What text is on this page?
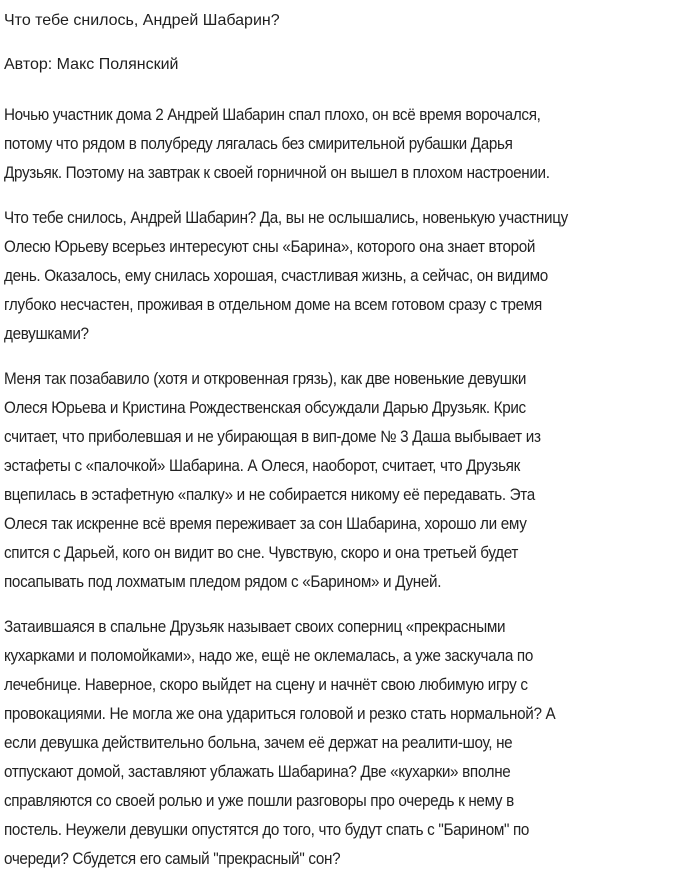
Что тебе снилось, Андрей Шабарин?
Автор: Макс Полянский

Ночью участник дома 2 Андрей Шабарин спал плохо, он всё время ворочался,
потому что рядом в полубреду лягалась без смирительной рубашки Дарья
Друзьяк. Поэтому на завтрак к своей горничной он вышел в плохом настроении.

Что тебе снилось, Андрей Шабарин? Да, вы не ослышались, новенькую участницу
Олесю Юрьеву всерьез интересуют сны «Барина», которого она знает второй
день. Оказалось, ему снилась хорошая, счастливая жизнь, а сейчас, он видимо
глубоко несчастен, проживая в отдельном доме на всем готовом сразу с тремя
девушками?

Меня так позабавило (хотя и откровенная грязь), как две новенькие девушки
Олеся Юрьева и Кристина Рождественская обсуждали Дарью Друзьяк. Крис
считает, что приболевшая и не убирающая в вип-доме № 3 Даша выбывает из
эстафеты с «палочкой» Шабарина. А Олеся, наоборот, считает, что Друзьяк
вцепилась в эстафетную «палку» и не собирается никому её передавать. Эта
Олеся так искренне всё время переживает за сон Шабарина, хорошо ли ему
спится с Дарьей, кого он видит во сне. Чувствую, скоро и она третьей будет
посапывать под лохматым пледом рядом с «Барином» и Дуней.

Затаившаяся в спальне Друзьяк называет своих соперниц «прекрасными
кухарками и поломойками», надо же, ещё не оклемалась, а уже заскучала по
лечебнице. Наверное, скоро выйдет на сцену и начнёт свою любимую игру с
провокациями. Не могла же она удариться головой и резко стать нормальной? А
если девушка действительно больна, зачем её держат на реалити-шоу, не
отпускают домой, заставляют ублажать Шабарина? Две «кухарки» вполне
справляются со своей ролью и уже пошли разговоры про очередь к нему в
постель. Неужели девушки опустятся до того, что будут спать с "Барином" по
очереди? Сбудется его самый "прекрасный" сон?
